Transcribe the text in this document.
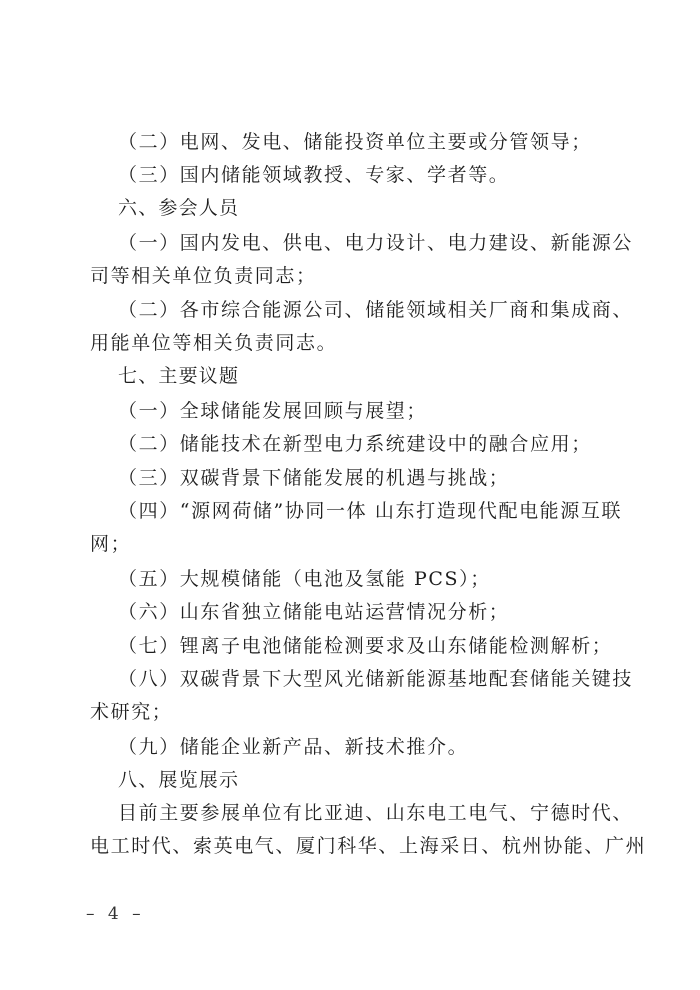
（二）电网、发电、储能投资单位主要或分管领导；
（三）国内储能领域教授、专家、学者等。
六、参会人员
（一）国内发电、供电、电力设计、电力建设、新能源公
司等相关单位负责同志；
（二）各市综合能源公司、储能领域相关厂商和集成商、
用能单位等相关负责同志。
七、主要议题
（一）全球储能发展回顾与展望；
（二）储能技术在新型电力系统建设中的融合应用；
（三）双碳背景下储能发展的机遇与挑战；
（四）“源网荷储”协同一体 山东打造现代配电能源互联
网；
（五）大规模储能（电池及氢能 PCS）；
（六）山东省独立储能电站运营情况分析；
（七）锂离子电池储能检测要求及山东储能检测解析；
（八）双碳背景下大型风光储新能源基地配套储能关键技
术研究；
（九）储能企业新产品、新技术推介。
八、展览展示
目前主要参展单位有比亚迪、山东电工电气、宁德时代、
电工时代、索英电气、厦门科华、上海采日、杭州协能、广州
– 4 –
